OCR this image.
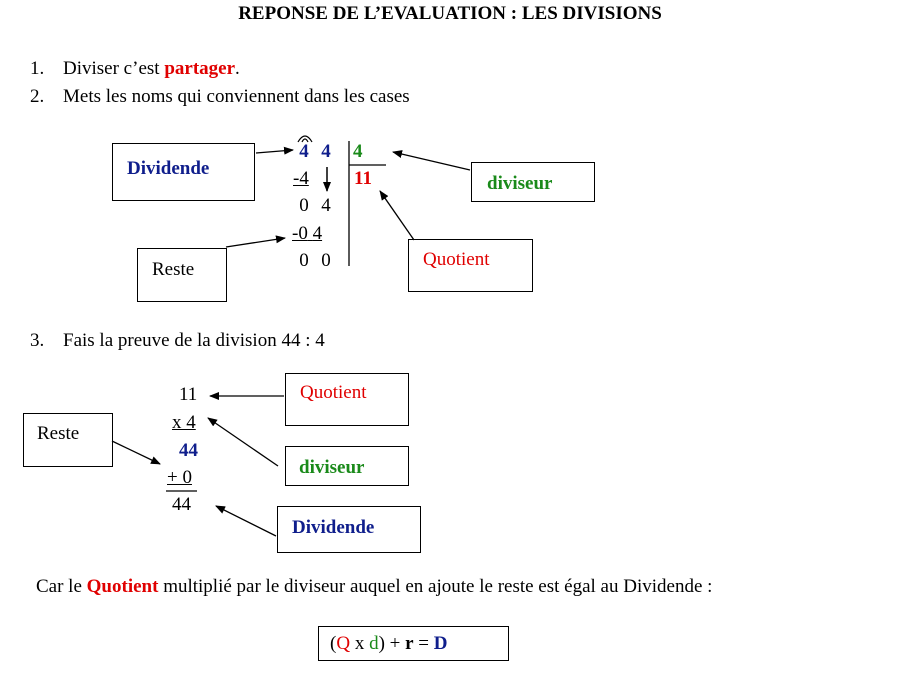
REPONSE DE L’EVALUATION : LES DIVISIONS
1. Diviser c’est partager.
2. Mets les noms qui conviennent dans les cases
4 4 4
11
-4
0 4
-0 4
0 0
Dividende
diviseur
Reste	Quotient
3. Fais la preuve de la division 44 : 4
11
x 4
44
+ 0
44
Quotient
Reste
diviseur
Dividende
Car le Quotient multiplié par le diviseur auquel en ajoute le reste est égal au Dividende :
(Q x d) + r = D
